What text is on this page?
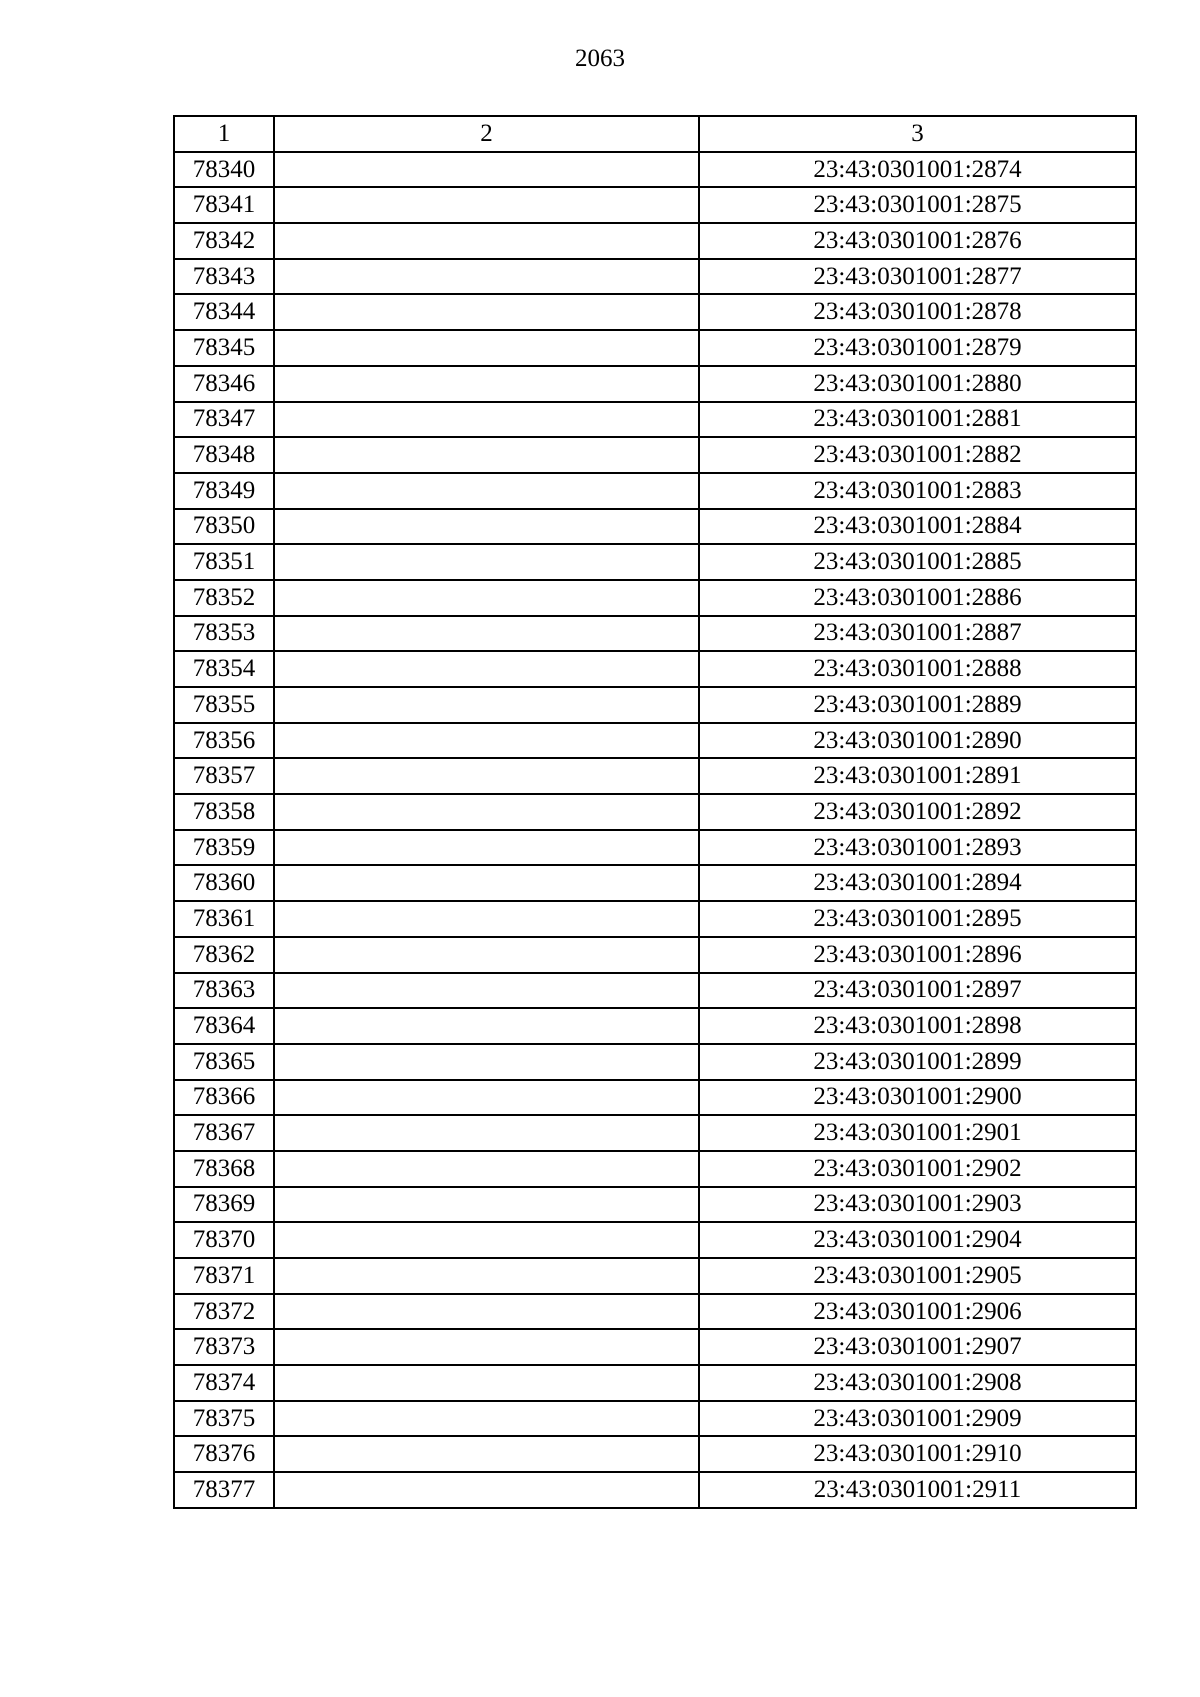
2063
1	2	3
78340		23:43:0301001:2874
78341		23:43:0301001:2875
78342		23:43:0301001:2876
78343		23:43:0301001:2877
78344		23:43:0301001:2878
78345		23:43:0301001:2879
78346		23:43:0301001:2880
78347		23:43:0301001:2881
78348		23:43:0301001:2882
78349		23:43:0301001:2883
78350		23:43:0301001:2884
78351		23:43:0301001:2885
78352		23:43:0301001:2886
78353		23:43:0301001:2887
78354		23:43:0301001:2888
78355		23:43:0301001:2889
78356		23:43:0301001:2890
78357		23:43:0301001:2891
78358		23:43:0301001:2892
78359		23:43:0301001:2893
78360		23:43:0301001:2894
78361		23:43:0301001:2895
78362		23:43:0301001:2896
78363		23:43:0301001:2897
78364		23:43:0301001:2898
78365		23:43:0301001:2899
78366		23:43:0301001:2900
78367		23:43:0301001:2901
78368		23:43:0301001:2902
78369		23:43:0301001:2903
78370		23:43:0301001:2904
78371		23:43:0301001:2905
78372		23:43:0301001:2906
78373		23:43:0301001:2907
78374		23:43:0301001:2908
78375		23:43:0301001:2909
78376		23:43:0301001:2910
78377		23:43:0301001:2911
